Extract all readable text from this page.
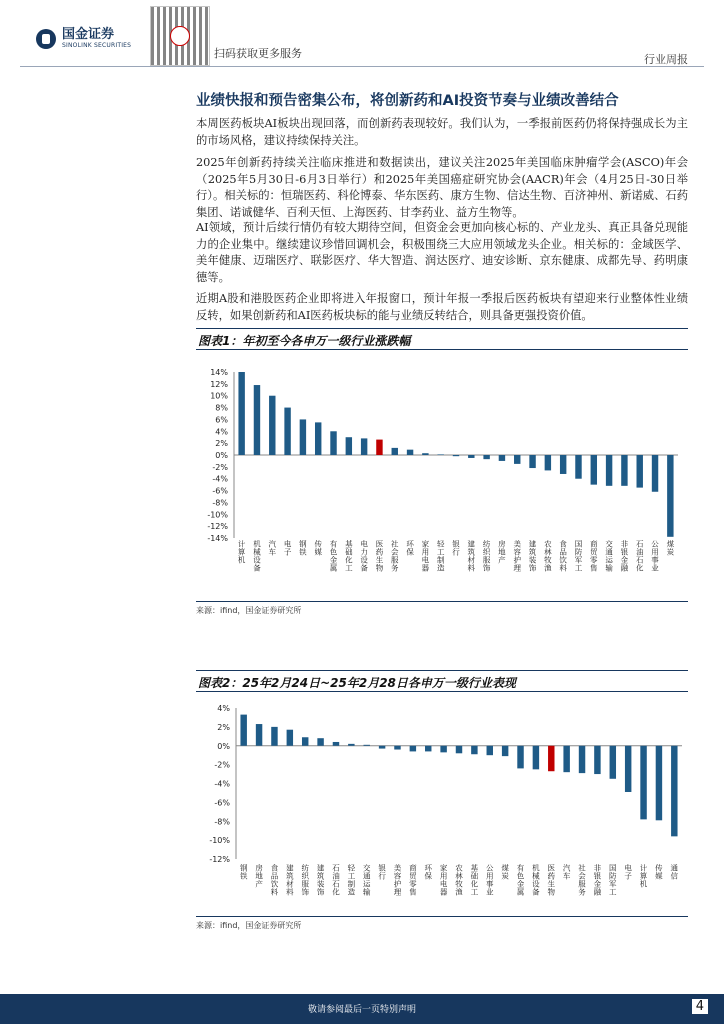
国金证券
SINOLINK SECURITIES
扫码获取更多服务	行业周报
业绩快报和预告密集公布，将创新药和AI投资节奏与业绩改善结合

本周医药板块AI板块出现回落，而创新药表现较好。我们认为，一季报前医药仍将保持强成长为主的市场风格，建议持续保持关注。

2025年创新药持续关注临床推进和数据读出，建议关注2025年美国临床肿瘤学会(ASCO)年会（2025年5月30日-6月3日举行）和2025年美国癌症研究协会(AACR)年会（4月25日-30日举行）。相关标的：恒瑞医药、科伦博泰、华东医药、康方生物、信达生物、百济神州、新诺威、石药集团、诺诚健华、百利天恒、上海医药、甘李药业、益方生物等。

AI领域，预计后续行情仍有较大期待空间，但资金会更加向核心标的、产业龙头、真正具备兑现能力的企业集中。继续建议珍惜回调机会，积极围绕三大应用领域龙头企业。相关标的：金域医学、美年健康、迈瑞医疗、联影医疗、华大智造、润达医疗、迪安诊断、京东健康、成都先导、药明康德等。

近期A股和港股医药企业即将进入年报窗口，预计年报一季报后医药板块有望迎来行业整体性业绩反转，如果创新药和AI医药板块标的能与业绩反转结合，则具备更强投资价值。

图表1：年初至今各申万一级行业涨跌幅
14%
12%
10%
8%
6%
4%
2%
0%
-2%
-4%
-6%
-8%
-10%
-12%
-14%
计算机 机械设备 汽车 电子 钢铁 传媒 有色金属 基础化工 电力设备 医药生物 社会服务 环保 家用电器 轻工制造 银行 建筑材料 纺织服饰 房地产 美容护理 建筑装饰 农林牧渔 食品饮料 国防军工 商贸零售 交通运输 非银金融 石油石化 公用事业 煤炭
来源：ifind，国金证券研究所
图表2：25年2月24日~25年2月28日各申万一级行业表现
4%
2%
0%
-2%
-4%
-6%
-8%
-10%
-12%
钢铁 房地产 食品饮料 建筑材料 纺织服饰 建筑装饰 石油石化 轻工制造 交通运输 银行 美容护理 商贸零售 环保 家用电器 农林牧渔 基础化工 公用事业 煤炭 有色金属 机械设备 医药生物 汽车 社会服务 非银金融 国防军工 电子 计算机 传媒 通信
来源：ifind，国金证券研究所
敬请参阅最后一页特别声明	4
